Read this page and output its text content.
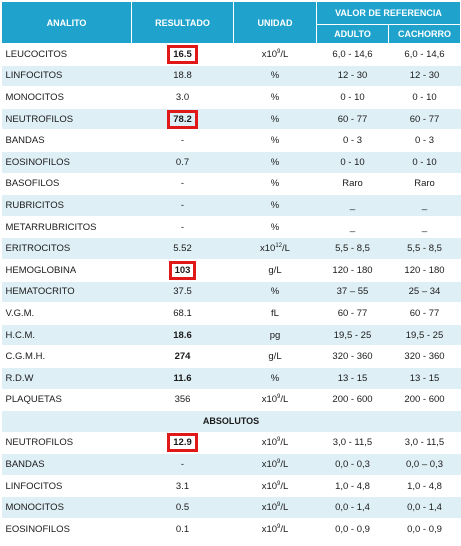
ANALITO	RESULTADO	UNIDAD	VALOR DE REFERENCIA	
			ADULTO	CACHORRO
LEUCOCITOS	16.5	$x10^9/L$	6,0 - 14,6	6,0 - 14,6
LINFOCITOS	18.8	%	12 - 30	12 - 30
MONOCITOS	3.0	%	0 - 10	0 - 10
NEUTROFILOS	78.2	%	60 - 77	60 - 77
BANDAS	-	%	0 - 3	0 - 3
EOSINOFILOS	0.7	%	0 - 10	0 - 10
BASOFILOS	-	%	Raro	Raro
RUBRICITOS	-	%	_	_
METARRUBRICITOS	-	%	_	_
ERITROCITOS	5.52	$x10^{12}/L$	5,5 - 8,5	5,5 - 8,5
HEMOGLOBINA	103	g/L	120 - 180	120 - 180
HEMATOCRITO	37.5	%	37 – 55	25 – 34
V.G.M.	68.1	fL	60 - 77	60 - 77
H.C.M.	18.6	pg	19,5 - 25	19,5 - 25
C.G.M.H.	274	g/L	320 - 360	320 - 360
R.D.W	11.6	%	13 - 15	13 - 15
PLAQUETAS	356	$x10^9/L$	200 - 600	200 - 600
ABSOLUTOS				
NEUTROFILOS	12.9	$x10^9/L$	3,0 - 11,5	3,0 - 11,5
BANDAS	-	$x10^9/L$	0,0 - 0,3	0,0 – 0,3
LINFOCITOS	3.1	$x10^9/L$	1,0 - 4,8	1,0 - 4,8
MONOCITOS	0.5	$x10^9/L$	0,0 - 1,4	0,0 - 1,4
EOSINOFILOS	0.1	$x10^9/L$	0,0 - 0,9	0,0 - 0,9
